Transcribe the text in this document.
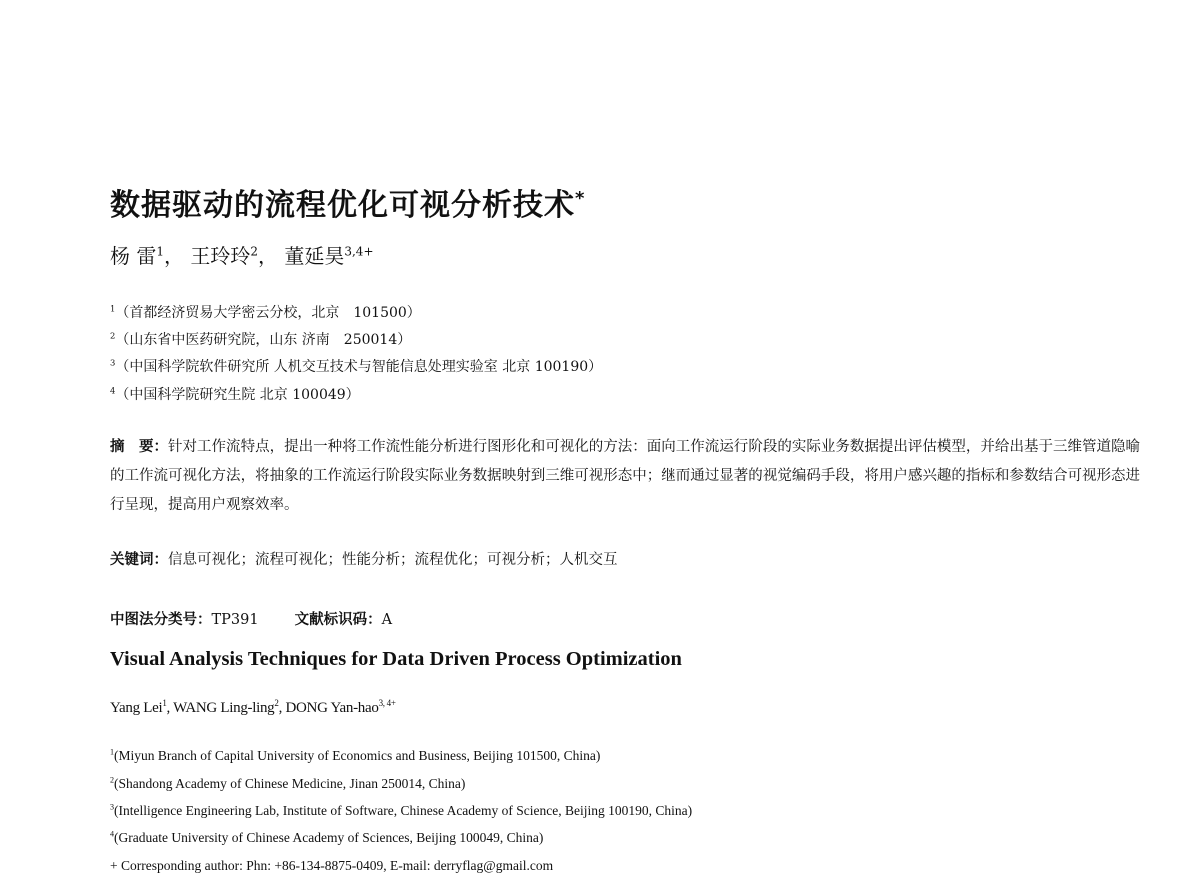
数据驱动的流程优化可视分析技术*
杨 雷$^1$， 王玲玲$^2$， 董延昊$^{3,4+}$
$^1$（首都经济贸易大学密云分校，北京　101500）
$^2$（山东省中医药研究院，山东 济南　250014）
$^3$（中国科学院软件研究所 人机交互技术与智能信息处理实验室 北京 100190）
$^4$（中国科学院研究生院 北京 100049）
摘　要：针对工作流特点，提出一种将工作流性能分析进行图形化和可视化的方法：面向工作流运行阶段的实际业务数据提出评估模型，并给出基于三维管道隐喻的工作流可视化方法，将抽象的工作流运行阶段实际业务数据映射到三维可视形态中；继而通过显著的视觉编码手段，将用户感兴趣的指标和参数结合可视形态进行呈现，提高用户观察效率。
关键词：信息可视化；流程可视化；性能分析；流程优化；可视分析；人机交互
中图法分类号：TP391 文献标识码：A
Visual Analysis Techniques for Data Driven Process Optimization
Yang Lei$^1$, WANG Ling-ling$^2$, DONG Yan-hao$^{3, 4+}$
$^1$(Miyun Branch of Capital University of Economics and Business, Beijing 101500, China)
$^2$(Shandong Academy of Chinese Medicine, Jinan 250014, China)
$^3$(Intelligence Engineering Lab, Institute of Software, Chinese Academy of Science, Beijing 100190, China)
$^4$(Graduate University of Chinese Academy of Sciences, Beijing 100049, China)
+ Corresponding author: Phn: +86-134-8875-0409, E-mail: derryflag@gmail.com
